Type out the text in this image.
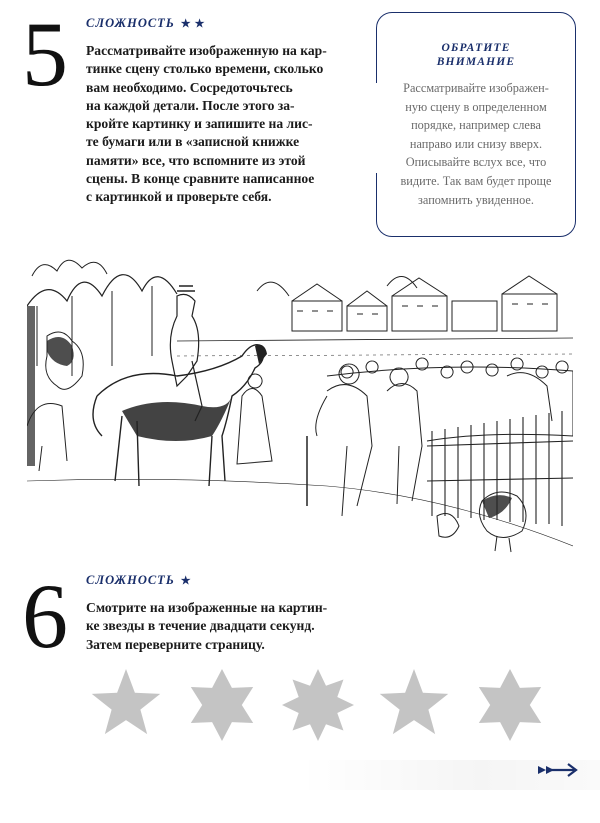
5 СЛОЖНОСТЬ ★★
Рассматривайте изображенную на кар-
тинке сцену столько времени, сколько
вам необходимо. Сосредоточьтесь
на каждой детали. После этого за-
кройте картинку и запишите на лис-
те бумаги или в «записной книжке
памяти» все, что вспомните из этой
сцены. В конце сравните написанное
с картинкой и проверьте себя.
ОБРАТИТЕ
ВНИМАНИЕ
Рассматривайте изображен-
ную сцену в определенном
порядке, например слева
направо или снизу вверх.
Описывайте вслух все, что
видите. Так вам будет проще
запомнить увиденное.
6 СЛОЖНОСТЬ ★
Смотрите на изображенные на картин-
ке звезды в течение двадцати секунд.
Затем переверните страницу.
